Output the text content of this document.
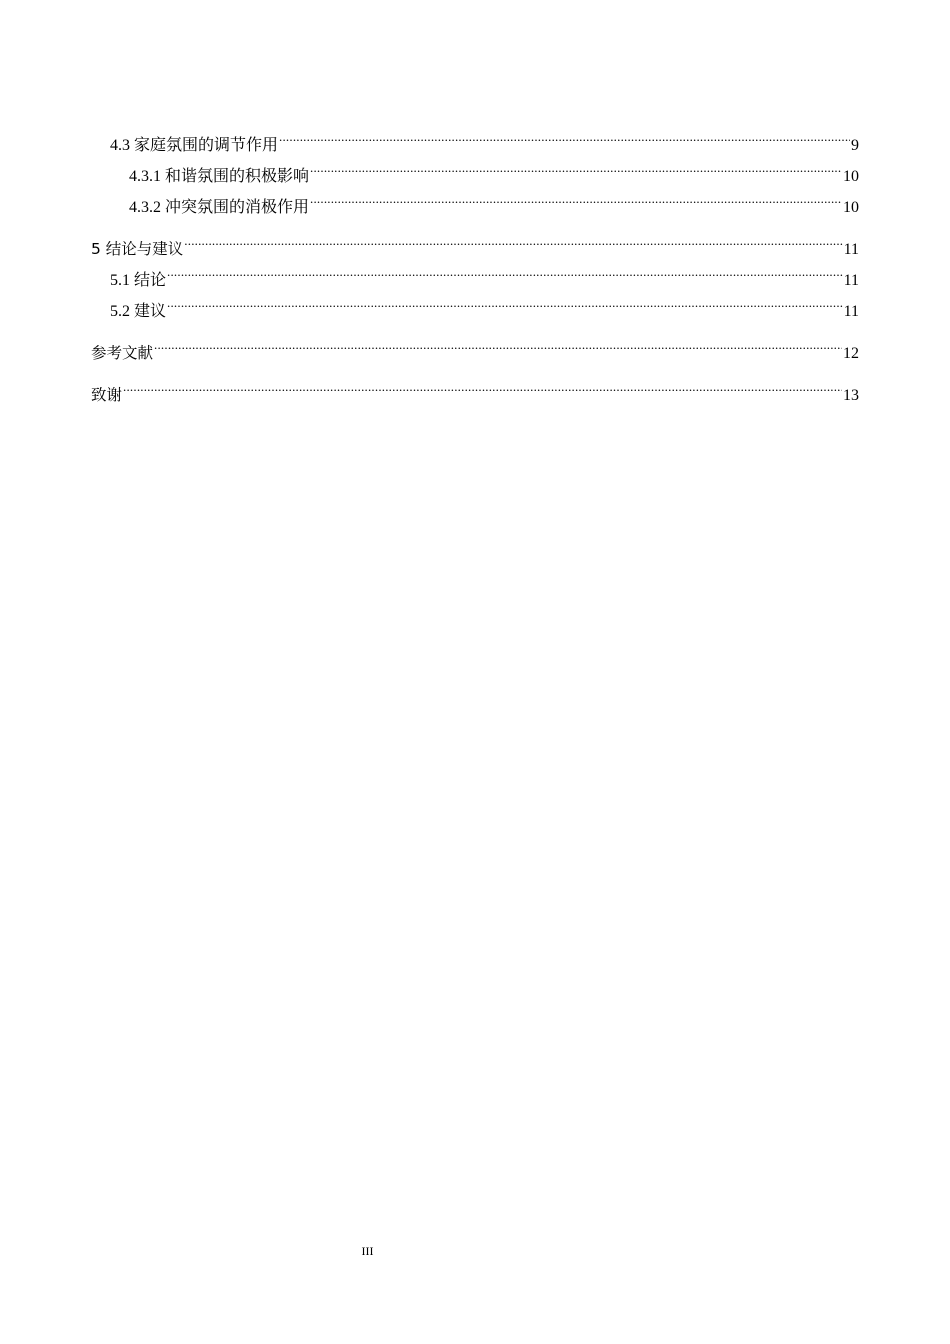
4.3 家庭氛围的调节作用 .....	9
4.3.1 和谐氛围的积极影响 .....	10
4.3.2 冲突氛围的消极作用 .....	10
5 结论与建议 .....	11
5.1 结论 .....	11
5.2 建议 .....	11
参考文献 .....	12
致谢 .....	13
III
